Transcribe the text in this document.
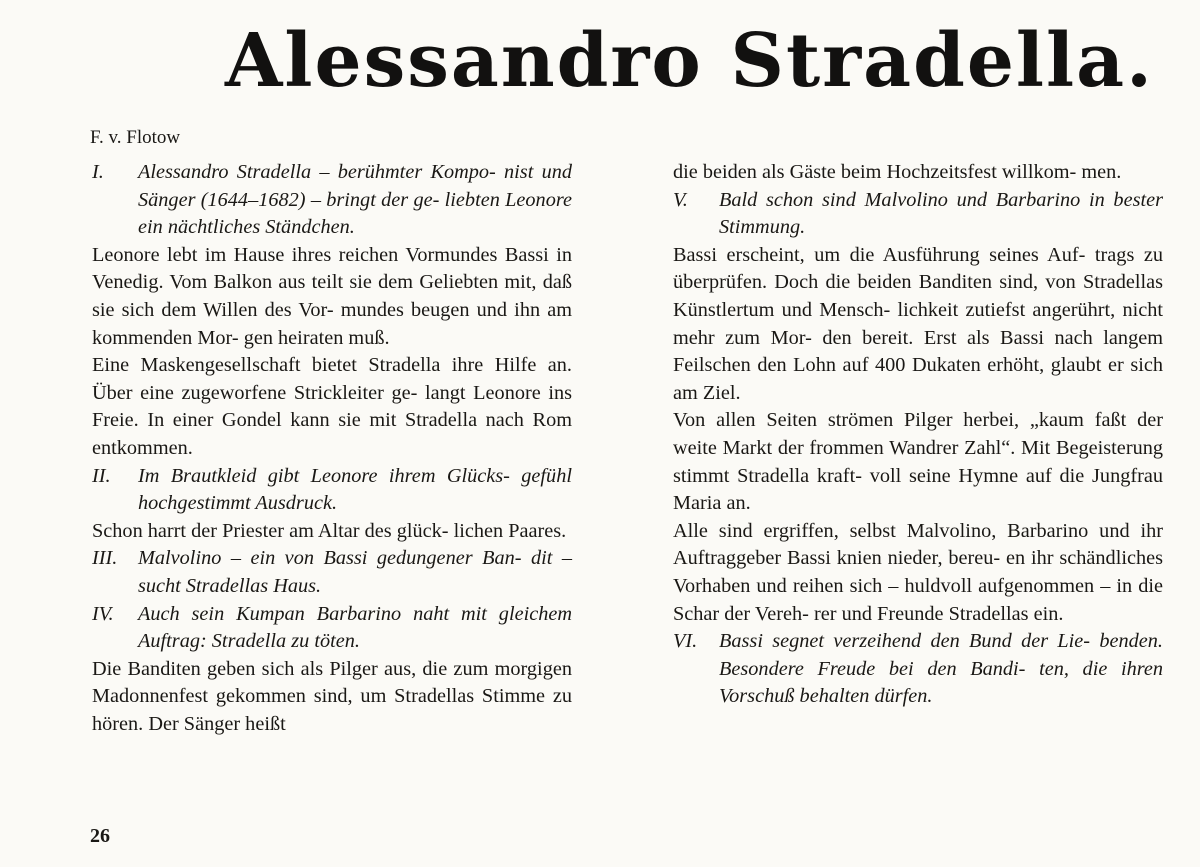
Alessandro Stradella.
F. v. Flotow
I. Alessandro Stradella – berühmter Kompo- nist und Sänger (1644–1682) – bringt der ge- liebten Leonore ein nächtliches Ständchen.
Leonore lebt im Hause ihres reichen Vormundes Bassi in Venedig. Vom Balkon aus teilt sie dem Geliebten mit, daß sie sich dem Willen des Vor- mundes beugen und ihn am kommenden Mor- gen heiraten muß.
Eine Maskengesellschaft bietet Stradella ihre Hilfe an. Über eine zugeworfene Strickleiter ge- langt Leonore ins Freie. In einer Gondel kann sie mit Stradella nach Rom entkommen.
II. Im Brautkleid gibt Leonore ihrem Glücks- gefühl hochgestimmt Ausdruck.
Schon harrt der Priester am Altar des glück- lichen Paares.
III. Malvolino – ein von Bassi gedungener Ban- dit – sucht Stradellas Haus.
IV. Auch sein Kumpan Barbarino naht mit gleichem Auftrag: Stradella zu töten.
Die Banditen geben sich als Pilger aus, die zum morgigen Madonnenfest gekommen sind, um Stradellas Stimme zu hören. Der Sänger heißt
die beiden als Gäste beim Hochzeitsfest willkom- men.
V. Bald schon sind Malvolino und Barbarino in bester Stimmung.
Bassi erscheint, um die Ausführung seines Auf- trags zu überprüfen. Doch die beiden Banditen sind, von Stradellas Künstlertum und Mensch- lichkeit zutiefst angerührt, nicht mehr zum Mor- den bereit. Erst als Bassi nach langem Feilschen den Lohn auf 400 Dukaten erhöht, glaubt er sich am Ziel.
Von allen Seiten strömen Pilger herbei, „kaum faßt der weite Markt der frommen Wandrer Zahl“. Mit Begeisterung stimmt Stradella kraft- voll seine Hymne auf die Jungfrau Maria an.
Alle sind ergriffen, selbst Malvolino, Barbarino und ihr Auftraggeber Bassi knien nieder, bereu- en ihr schändliches Vorhaben und reihen sich – huldvoll aufgenommen – in die Schar der Vereh- rer und Freunde Stradellas ein.
VI. Bassi segnet verzeihend den Bund der Lie- benden. Besondere Freude bei den Bandi- ten, die ihren Vorschuß behalten dürfen.
26
